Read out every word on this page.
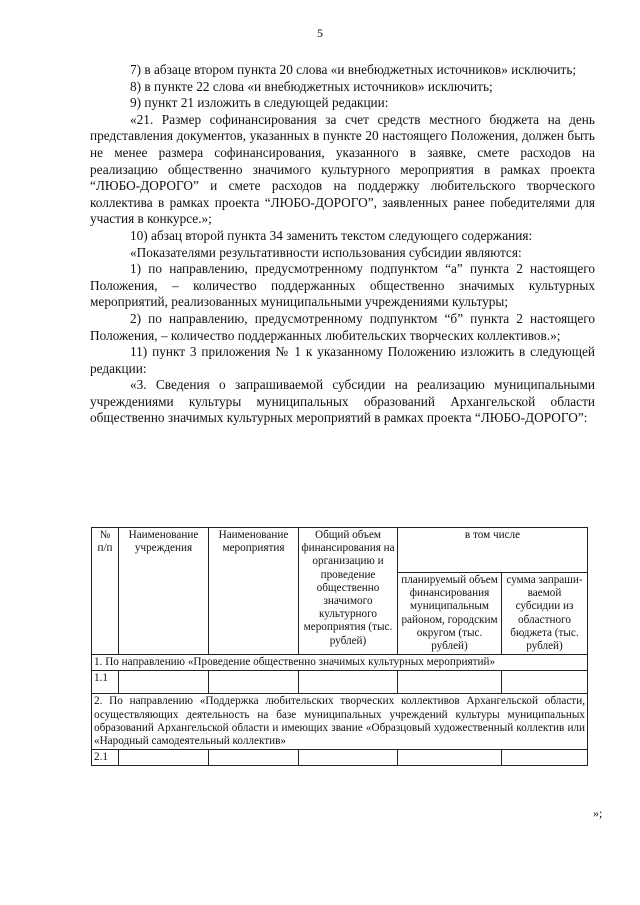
5

7) в абзаце втором пункта 20 слова «и внебюджетных источников» исключить;

8) в пункте 22 слова «и внебюджетных источников» исключить;

9) пункт 21 изложить в следующей редакции:

«21. Размер софинансирования за счет средств местного бюджета на день представления документов, указанных в пункте 20 настоящего Положения, должен быть не менее размера софинансирования, указанного в заявке, смете расходов на реализацию общественно значимого культурного мероприятия в рамках проекта “ЛЮБО-ДОРОГО” и смете расходов на поддержку любительского творческого коллектива в рамках проекта “ЛЮБО-ДОРОГО”, заявленных ранее победителями для участия в конкурсе.»;

10) абзац второй пункта 34 заменить текстом следующего содержания:

«Показателями результативности использования субсидии являются:

1) по направлению, предусмотренному подпунктом “а” пункта 2 настоящего Положения, – количество поддержанных общественно значимых культурных мероприятий, реализованных муниципальными учреждениями культуры;

2) по направлению, предусмотренному подпунктом “б” пункта 2 настоящего Положения, – количество поддержанных любительских творческих коллективов.»;

11) пункт 3 приложения № 1 к указанному Положению изложить в следующей редакции:

«3. Сведения о запрашиваемой субсидии на реализацию муниципальными учреждениями культуры муниципальных образований Архангельской области общественно значимых культурных мероприятий в рамках проекта “ЛЮБО-ДОРОГО”:

№ п/п	Наименование учреждения	Наименование мероприятия	Общий объем финансирования на организацию и проведение общественно значимого культурного мероприятия (тыс. рублей)	в том числе	
				планируемый объем финансирования муниципальным районом, городским округом (тыс. рублей)	сумма запраши-ваемой субсидии из областного бюджета (тыс. рублей)
1. По направлению «Проведение общественно значимых культурных мероприятий»					
1.1					
2. По направлению «Поддержка любительских творческих коллективов Архангельской области, осуществляющих деятельность на базе муниципальных учреждений культуры муниципальных образований Архангельской области и имеющих звание «Образцовый художественный коллектив или «Народный самодеятельный коллектив»					
2.1					
»;
